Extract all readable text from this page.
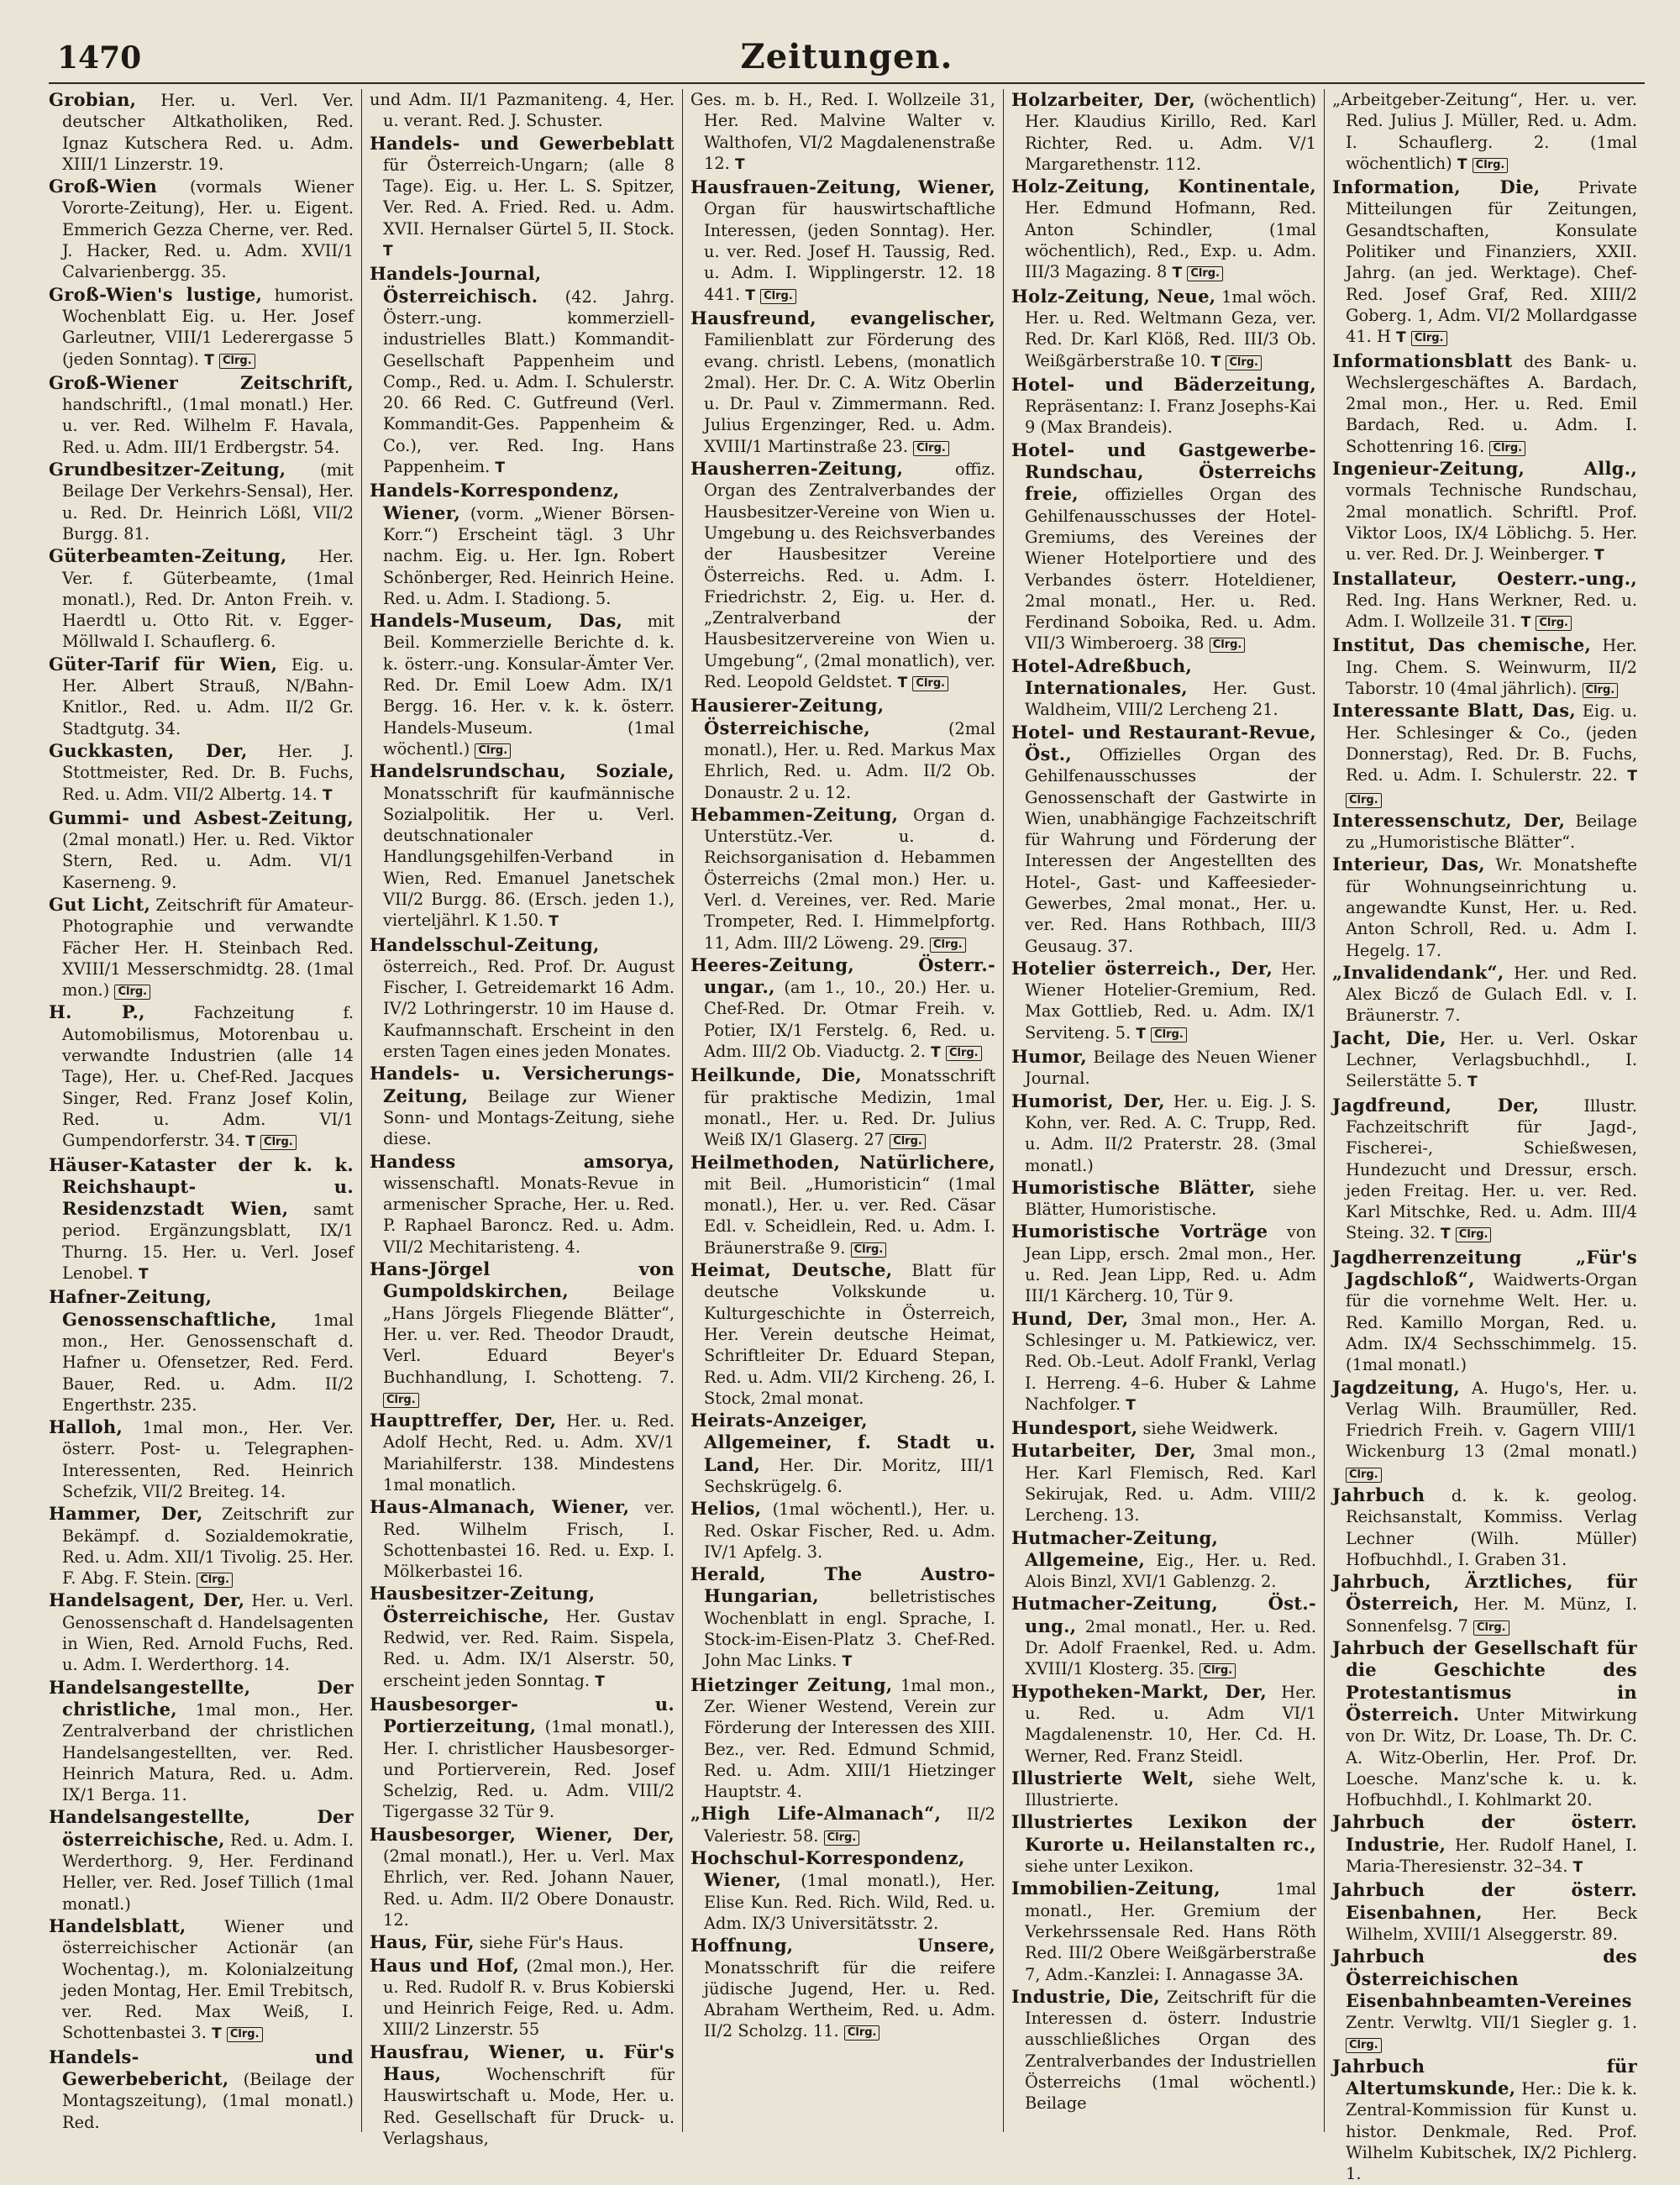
1470	Zeitungen.

Grobian, Her. u. Verl. Ver. deutscher Altkatholiken, Red. Ignaz Kutschera Red. u. Adm. XIII/1 Linzerstr. 19.

Groß-Wien (vormals Wiener Vororte-Zeitung), Her. u. Eigent. Emmerich Gezza Cherne, ver. Red. J. Hacker, Red. u. Adm. XVII/1 Calvarienbergg. 35.

Groß-Wien's lustige, humorist. Wochenblatt Eig. u. Her. Josef Garleutner, VIII/1 Lederergasse 5 (jeden Sonntag). T Clrg.

Groß-Wiener Zeitschrift, handschriftl., (1mal monatl.) Her. u. ver. Red. Wilhelm F. Havala, Red. u. Adm. III/1 Erdbergstr. 54.

Grundbesitzer-Zeitung, (mit Beilage Der Verkehrs-Sensal), Her. u. Red. Dr. Heinrich Lößl, VII/2 Burgg. 81.

Güterbeamten-Zeitung, Her. Ver. f. Güterbeamte, (1mal monatl.), Red. Dr. Anton Freih. v. Haerdtl u. Otto Rit. v. Egger-Möllwald I. Schauflerg. 6.

Güter-Tarif für Wien, Eig. u. Her. Albert Strauß, N/Bahn-Knitlor., Red. u. Adm. II/2 Gr. Stadtgutg. 34.

Guckkasten, Der, Her. J. Stottmeister, Red. Dr. B. Fuchs, Red. u. Adm. VII/2 Albertg. 14. T

Gummi- und Asbest-Zeitung, (2mal monatl.) Her. u. Red. Viktor Stern, Red. u. Adm. VI/1 Kaserneng. 9.

Gut Licht, Zeitschrift für Amateur-Photographie und verwandte Fächer Her. H. Steinbach Red. XVIII/1 Messerschmidtg. 28. (1mal mon.) Clrg.

H. P.,	Fachzeitung f. Automobilismus, Motorenbau u. verwandte Industrien (alle 14 Tage), Her. u. Chef-Red. Jacques Singer, Red. Franz Josef Kolin, Red. u. Adm. VI/1 Gumpendorferstr. 34. T Clrg.

Häuser-Kataster der k. k. Reichshaupt- u. Residenzstadt Wien, samt period. Ergänzungsblatt, IX/1 Thurng. 15. Her. u. Verl. Josef Lenobel. T

Hafner-Zeitung, Genossenschaftliche, 1mal mon., Her. Genossenschaft d. Hafner u. Ofensetzer, Red. Ferd. Bauer, Red. u. Adm. II/2 Engerthstr. 235.

Halloh, 1mal mon., Her. Ver. österr. Post- u. Telegraphen-Interessenten, Red. Heinrich Schefzik, VII/2 Breiteg. 14.

Hammer, Der, Zeitschrift zur Bekämpf. d. Sozialdemokratie, Red. u. Adm. XII/1 Tivolig. 25. Her. F. Abg. F. Stein. Clrg.

Handelsagent, Der, Her. u. Verl. Genossenschaft d. Handelsagenten in Wien, Red. Arnold Fuchs, Red. u. Adm. I. Werderthorg. 14.

Handelsangestellte, Der christliche, 1mal mon., Her. Zentralverband der christlichen Handelsangestellten, ver. Red. Heinrich Matura, Red. u. Adm. IX/1 Berga. 11.

Handelsangestellte, Der österreichische, Red. u. Adm. I. Werderthorg. 9, Her. Ferdinand Heller, ver. Red. Josef Tillich (1mal monatl.)

Handelsblatt, Wiener und österreichischer Actionär (an Wochentag.), m. Kolonialzeitung jeden Montag, Her. Emil Trebitsch, ver. Red. Max Weiß, I. Schottenbastei 3. T Clrg.

Handels- und Gewerbebericht, (Beilage der Montagszeitung), (1mal monatl.) Red.

und Adm. II/1 Pazmaniteng. 4, Her. u. verant. Red. J. Schuster.

Handels- und Gewerbeblatt für Österreich-Ungarn; (alle 8 Tage). Eig. u. Her. L. S. Spitzer, Ver. Red. A. Fried. Red. u. Adm. XVII. Hernalser Gürtel 5, II. Stock. T

Handels-Journal, Österreichisch. (42. Jahrg. Österr.-ung. kommerziell-industrielles Blatt.) Kommandit-Gesellschaft Pappenheim und Comp., Red. u. Adm. I. Schulerstr. 20. 66 Red. C. Gutfreund (Verl. Kommandit-Ges. Pappenheim & Co.), ver. Red. Ing. Hans Pappenheim. T

Handels-Korrespondenz, Wiener, (vorm. „Wiener Börsen-Korr.“) Erscheint tägl. 3 Uhr nachm. Eig. u. Her. Ign. Robert Schönberger, Red. Heinrich Heine. Red. u. Adm. I. Stadiong. 5.

Handels-Museum, Das, mit Beil. Kommerzielle Berichte d. k. k. österr.-ung. Konsular-Ämter Ver. Red. Dr. Emil Loew Adm. IX/1 Bergg. 16. Her. v. k. k. österr. Handels-Museum. (1mal wöchentl.) Clrg.

Handelsrundschau, Soziale, Monatsschrift für kaufmännische Sozialpolitik. Her u. Verl. deutschnationaler Handlungsgehilfen-Verband in Wien, Red. Emanuel Janetschek VII/2 Burgg. 86. (Ersch. jeden 1.), vierteljährl. K 1.50. T

Handelsschul-Zeitung, österreich., Red. Prof. Dr. August Fischer, I. Getreidemarkt 16 Adm. IV/2 Lothringerstr. 10 im Hause d. Kaufmannschaft. Erscheint in den ersten Tagen eines jeden Monates.

Handels- u. Versicherungs-Zeitung, Beilage zur Wiener Sonn- und Montags-Zeitung, siehe diese.

Handess amsorya, wissenschaftl. Monats-Revue in armenischer Sprache, Her. u. Red. P. Raphael Baroncz. Red. u. Adm. VII/2 Mechitaristeng. 4.

Hans-Jörgel von Gumpoldskirchen,	Beilage „Hans Jörgels Fliegende Blätter“, Her. u. ver. Red. Theodor Draudt, Verl. Eduard Beyer's Buchhandlung, I. Schotteng. 7. Clrg.

Haupttreffer, Der, Her. u. Red. Adolf Hecht, Red. u. Adm. XV/1 Mariahilferstr. 138. Mindestens 1mal monatlich.

Haus-Almanach, Wiener, ver. Red. Wilhelm Frisch, I. Schottenbastei 16. Red. u. Exp. I. Mölkerbastei 16.

Hausbesitzer-Zeitung, Österreichische, Her. Gustav Redwid, ver. Red. Raim. Sispela, Red. u. Adm. IX/1 Alserstr. 50, erscheint jeden Sonntag. T

Hausbesorger- u. Portierzeitung, (1mal monatl.), Her. I. christlicher Hausbesorger- und Portierverein, Red. Josef Schelzig, Red. u. Adm. VIII/2 Tigergasse 32 Tür 9.

Hausbesorger, Wiener, Der, (2mal monatl.), Her. u. Verl. Max Ehrlich, ver. Red. Johann Nauer, Red. u. Adm. II/2 Obere Donaustr. 12.

Haus, Für, siehe Für's Haus.

Haus und Hof, (2mal mon.), Her. u. Red. Rudolf R. v. Brus Kobierski und Heinrich Feige, Red. u. Adm. XIII/2 Linzerstr. 55

Hausfrau, Wiener, u. Für's Haus,	Wochenschrift für Hauswirtschaft u. Mode, Her. u. Red. Gesellschaft für Druck- u. Verlagshaus,

Ges. m. b. H., Red. I. Wollzeile 31, Her. Red. Malvine Walter v. Walthofen, VI/2 Magdalenenstraße 12. T

Hausfrauen-Zeitung, Wiener, Organ für hauswirtschaftliche Interessen, (jeden Sonntag). Her. u. ver. Red. Josef H. Taussig, Red. u. Adm. I. Wipplingerstr. 12. 18 441. T Clrg.

Hausfreund, evangelischer, Familienblatt zur Förderung des evang. christl. Lebens, (monatlich 2mal). Her. Dr. C. A. Witz Oberlin u. Dr. Paul v. Zimmermann. Red. Julius Ergenzinger, Red. u. Adm. XVIII/1 Martinstraße 23. Clrg.

Hausherren-Zeitung,	offiz. Organ des Zentralverbandes der Hausbesitzer-Vereine von Wien u. Umgebung u. des Reichsverbandes der Hausbesitzer Vereine Österreichs. Red. u. Adm. I. Friedrichstr. 2, Eig. u. Her. d. „Zentralverband der Hausbesitzervereine von Wien u. Umgebung“, (2mal monatlich), ver. Red. Leopold Geldstet. T Clrg.

Hausierer-Zeitung, Österreichische,	(2mal monatl.), Her. u. Red. Markus Max Ehrlich, Red. u. Adm. II/2 Ob. Donaustr. 2 u. 12.

Hebammen-Zeitung, Organ d. Unterstütz.-Ver. u. d. Reichsorganisation d. Hebammen Österreichs (2mal mon.) Her. u. Verl. d. Vereines, ver. Red. Marie Trompeter, Red. I. Himmelpfortg. 11, Adm. III/2 Löweng. 29. Clrg.

Heeres-Zeitung, Österr.-ungar., (am 1., 10., 20.) Her. u. Chef-Red. Dr. Otmar Freih. v. Potier, IX/1 Ferstelg. 6, Red. u. Adm. III/2 Ob. Viaductg. 2. T Clrg.

Heilkunde, Die, Monatsschrift für praktische Medizin, 1mal monatl., Her. u. Red. Dr. Julius Weiß IX/1 Glaserg. 27 Clrg.

Heilmethoden, Natürlichere, mit Beil. „Humoristicin“ (1mal monatl.), Her. u. ver. Red. Cäsar Edl. v. Scheidlein, Red. u. Adm. I. Bräunerstraße 9. Clrg.

Heimat, Deutsche, Blatt für deutsche Volkskunde u. Kulturgeschichte in Österreich, Her. Verein deutsche Heimat, Schriftleiter Dr. Eduard Stepan, Red. u. Adm. VII/2 Kircheng. 26, I. Stock, 2mal monat.

Heirats-Anzeiger, Allgemeiner, f. Stadt u. Land, Her. Dir. Moritz, III/1 Sechskrügelg. 6.

Helios, (1mal wöchentl.), Her. u. Red. Oskar Fischer, Red. u. Adm. IV/1 Apfelg. 3.

Herald, The Austro-Hungarian,	belletristisches Wochenblatt in engl. Sprache, I. Stock-im-Eisen-Platz 3. Chef-Red. John Mac Links. T

Hietzinger Zeitung, 1mal mon., Zer. Wiener Westend, Verein zur Förderung der Interessen des XIII. Bez., ver. Red. Edmund Schmid, Red. u. Adm. XIII/1 Hietzinger Hauptstr. 4.

„High Life-Almanach“, II/2 Valeriestr. 58. Clrg.

Hochschul-Korrespondenz, Wiener, (1mal monatl.), Her. Elise Kun. Red. Rich. Wild, Red. u. Adm. IX/3 Universitätsstr. 2.

Hoffnung, Unsere, Monatsschrift für die reifere jüdische Jugend, Her. u. Red. Abraham Wertheim, Red. u. Adm. II/2 Scholzg. 11. Clrg.

Holzarbeiter, Der, (wöchentlich) Her. Klaudius Kirillo, Red. Karl Richter, Red. u. Adm. V/1 Margarethenstr. 112.

Holz-Zeitung, Kontinentale, Her. Edmund Hofmann, Red. Anton Schindler, (1mal wöchentlich), Red., Exp. u. Adm. III/3 Magazing. 8 T Clrg.

Holz-Zeitung, Neue, 1mal wöch. Her. u. Red. Weltmann Geza, ver. Red. Dr. Karl Klöß, Red. III/3 Ob. Weißgärberstraße 10. T Clrg.

Hotel- und Bäderzeitung, Repräsentanz: I. Franz Josephs-Kai 9 (Max Brandeis).

Hotel- und Gastgewerbe-Rundschau, Österreichs freie, offizielles Organ des Gehilfenausschusses der Hotel-Gremiums, des Vereines der Wiener Hotelportiere und des Verbandes österr. Hoteldiener, 2mal monatl., Her. u. Red. Ferdinand Soboika, Red. u. Adm. VII/3 Wimberoerg. 38 Clrg.

Hotel-Adreßbuch, Internationales, Her. Gust. Waldheim, VIII/2 Lercheng 21.

Hotel- und Restaurant-Revue, Öst., Offizielles Organ des Gehilfenausschusses der Genossenschaft der Gastwirte in Wien, unabhängige Fachzeitschrift für Wahrung und Förderung der Interessen der Angestellten des Hotel-, Gast- und Kaffeesieder-Gewerbes, 2mal monat., Her. u. ver. Red. Hans Rothbach, III/3 Geusaug. 37.

Hotelier österreich., Der, Her. Wiener Hotelier-Gremium, Red. Max Gottlieb, Red. u. Adm. IX/1 Serviteng. 5. T Clrg.

Humor, Beilage des Neuen Wiener Journal.

Humorist, Der, Her. u. Eig. J. S. Kohn, ver. Red. A. C. Trupp, Red. u. Adm. II/2 Praterstr. 28. (3mal monatl.)

Humoristische Blätter, siehe Blätter, Humoristische.

Humoristische Vorträge von Jean Lipp, ersch. 2mal mon., Her. u. Red. Jean Lipp, Red. u. Adm III/1 Kärcherg. 10, Tür 9.

Hund, Der, 3mal mon., Her. A. Schlesinger u. M. Patkiewicz, ver. Red. Ob.-Leut. Adolf Frankl, Verlag I. Herreng. 4–6. Huber & Lahme Nachfolger. T

Hundesport, siehe Weidwerk.

Hutarbeiter, Der, 3mal mon., Her. Karl Flemisch, Red. Karl Sekirujak, Red. u. Adm. VIII/2 Lercheng. 13.

Hutmacher-Zeitung, Allgemeine, Eig., Her. u. Red. Alois Binzl, XVI/1 Gablenzg. 2.

Hutmacher-Zeitung, Öst.-ung., 2mal monatl., Her. u. Red. Dr. Adolf Fraenkel, Red. u. Adm. XVIII/1 Klosterg. 35. Clrg.

Hypotheken-Markt, Der, Her. u. Red. u. Adm VI/1 Magdalenenstr. 10, Her. Cd. H. Werner, Red. Franz Steidl.

Illustrierte Welt, siehe Welt, Illustrierte.

Illustriertes Lexikon der Kurorte u. Heilanstalten rc., siehe unter Lexikon.

Immobilien-Zeitung,	1mal monatl., Her. Gremium der Verkehrssensale Red. Hans Röth Red. III/2 Obere Weißgärberstraße 7, Adm.-Kanzlei: I. Annagasse 3A.

Industrie, Die, Zeitschrift für die Interessen d. österr. Industrie ausschließliches Organ des Zentralverbandes der Industriellen Österreichs (1mal wöchentl.) Beilage

„Arbeitgeber-Zeitung“, Her. u. ver. Red. Julius J. Müller, Red. u. Adm. I. Schauflerg. 2. (1mal wöchentlich) T Clrg.

Information, Die, Private Mitteilungen für Zeitungen, Gesandtschaften, Konsulate Politiker und Finanziers, XXII. Jahrg. (an jed. Werktage). Chef-Red. Josef Graf, Red. XIII/2 Goberg. 1, Adm. VI/2 Mollardgasse 41. H T Clrg.

Informationsblatt des Bank- u. Wechslergeschäftes A. Bardach, 2mal mon., Her. u. Red. Emil Bardach, Red. u. Adm. I. Schottenring 16. Clrg.

Ingenieur-Zeitung, Allg., vormals Technische Rundschau, 2mal monatlich. Schriftl. Prof. Viktor Loos, IX/4 Löblichg. 5. Her. u. ver. Red. Dr. J. Weinberger. T

Installateur, Oesterr.-ung., Red. Ing. Hans Werkner, Red. u. Adm. I. Wollzeile 31. T Clrg.

Institut, Das chemische, Her. Ing. Chem. S. Weinwurm, II/2 Taborstr. 10 (4mal jährlich). Clrg.

Interessante Blatt, Das, Eig. u. Her. Schlesinger & Co., (jeden Donnerstag), Red. Dr. B. Fuchs, Red. u. Adm. I. Schulerstr. 22. T Clrg.

Interessenschutz, Der, Beilage zu „Humoristische Blätter“.

Interieur, Das, Wr. Monatshefte für Wohnungseinrichtung u. angewandte Kunst, Her. u. Red. Anton Schroll, Red. u. Adm I. Hegelg. 17.

„Invalidendank“, Her. und Red. Alex Bicző de Gulach Edl. v. I. Bräunerstr. 7.

Jacht, Die, Her. u. Verl. Oskar Lechner, Verlagsbuchhdl., I. Seilerstätte 5. T

Jagdfreund, Der,	Illustr. Fachzeitschrift für Jagd-, Fischerei-, Schießwesen, Hundezucht und Dressur, ersch. jeden Freitag. Her. u. ver. Red. Karl Mitschke, Red. u. Adm. III/4 Steing. 32. T Clrg.

Jagdherrenzeitung „Für's Jagdschloß“, Waidwerts-Organ für die vornehme Welt. Her. u. Red. Kamillo Morgan, Red. u. Adm. IX/4 Sechsschimmelg. 15. (1mal monatl.)

Jagdzeitung, A. Hugo's, Her. u. Verlag Wilh. Braumüller, Red. Friedrich Freih. v. Gagern VIII/1 Wickenburg 13 (2mal monatl.) Clrg.

Jahrbuch d. k. k. geolog. Reichsanstalt, Kommiss. Verlag Lechner (Wilh. Müller) Hofbuchhdl., I. Graben 31.

Jahrbuch, Ärztliches, für Österreich, Her. M. Münz, I. Sonnenfelsg. 7 Clrg.

Jahrbuch der Gesellschaft für die Geschichte des Protestantismus in Österreich. Unter Mitwirkung von Dr. Witz, Dr. Loase, Th. Dr. C. A. Witz-Oberlin, Her. Prof. Dr. Loesche. Manz'sche k. u. k. Hofbuchhdl., I. Kohlmarkt 20.

Jahrbuch der österr. Industrie, Her. Rudolf Hanel, I. Maria-Theresienstr. 32–34. T

Jahrbuch der österr. Eisenbahnen, Her. Beck Wilhelm, XVIII/1 Alseggerstr. 89.

Jahrbuch des Österreichischen Eisenbahnbeamten-Vereines Zentr. Verwltg. VII/1 Siegler g. 1. Clrg.

Jahrbuch für Altertumskunde, Her.: Die k. k. Zentral-Kommission für Kunst u. histor. Denkmale, Red. Prof. Wilhelm Kubitschek, IX/2 Pichlerg. 1.
